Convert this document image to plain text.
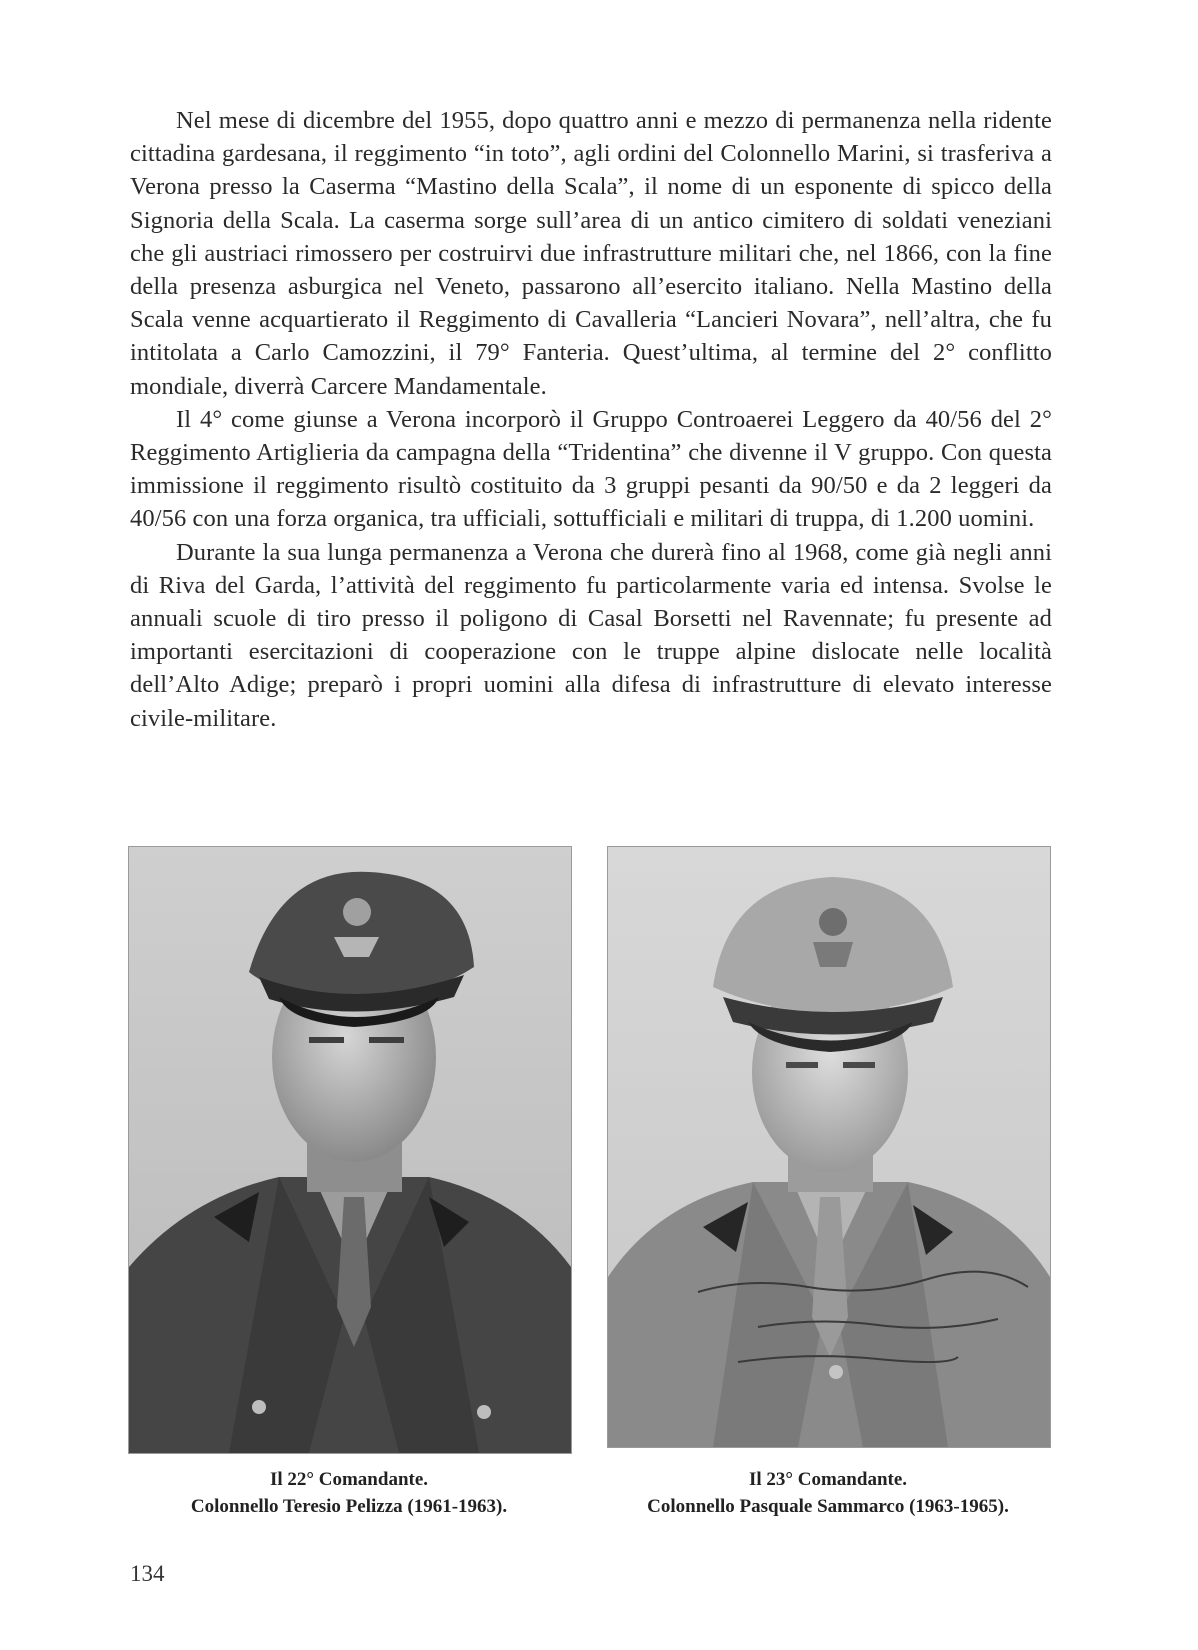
Nel mese di dicembre del 1955, dopo quattro anni e mezzo di permanenza nella ridente cittadina gardesana, il reggimento “in toto”, agli ordini del Colonnello Marini, si trasferiva a Verona presso la Caserma “Mastino della Scala”, il nome di un esponente di spicco della Signoria della Scala. La caserma sorge sull’area di un antico cimitero di soldati veneziani che gli austriaci rimossero per costruirvi due infrastrutture militari che, nel 1866, con la fine della presenza asburgica nel Veneto, passarono all’esercito italiano. Nella Mastino della Scala venne acquartierato il Reggimento di Cavalleria “Lancieri Novara”, nell’altra, che fu intitolata a Carlo Camozzini, il 79° Fanteria. Quest’ultima, al termine del 2° conflitto mondiale, diverrà Carcere Mandamentale.

Il 4° come giunse a Verona incorporò il Gruppo Controaerei Leggero da 40/56 del 2° Reggimento Artiglieria da campagna della “Tridentina” che divenne il V gruppo. Con questa immissione il reggimento risultò costituito da 3 gruppi pesanti da 90/50 e da 2 leggeri da 40/56 con una forza organica, tra ufficiali, sottufficiali e militari di truppa, di 1.200 uomini.

Durante la sua lunga permanenza a Verona che durerà fino al 1968, come già negli anni di Riva del Garda, l’attività del reggimento fu particolarmente varia ed intensa. Svolse le annuali scuole di tiro presso il poligono di Casal Borsetti nel Ravennate; fu presente ad importanti esercitazioni di cooperazione con le truppe alpine dislocate nelle località dell’Alto Adige; preparò i propri uomini alla difesa di infrastrutture di elevato interesse civile-militare.

Il 22° Comandante.
Colonnello Teresio Pelizza (1961-1963).
Il 23° Comandante.
Colonnello Pasquale Sammarco (1963-1965).
134
